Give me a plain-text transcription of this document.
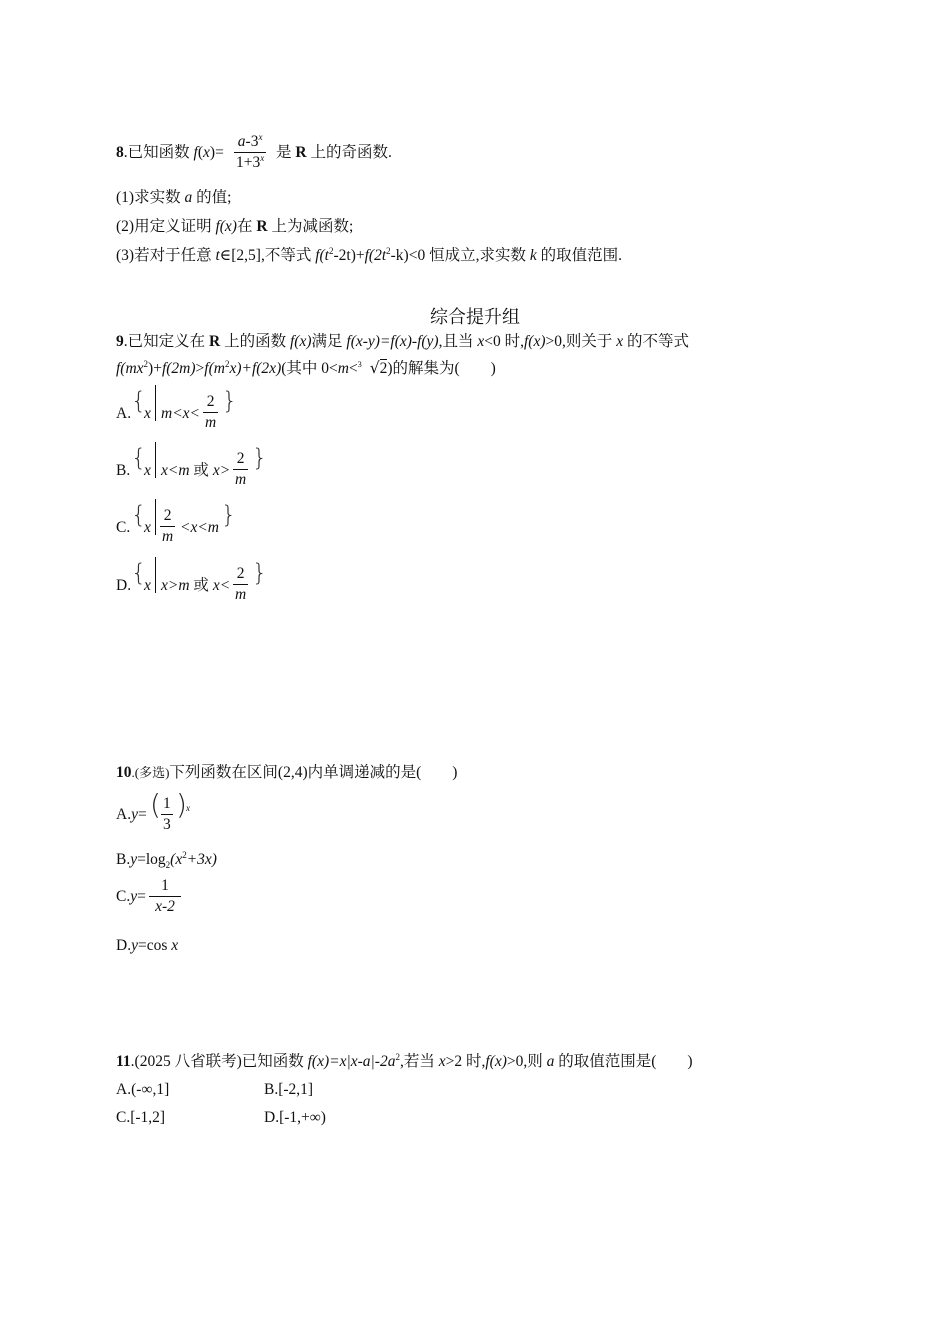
8.已知函数 f(x)=
$a-3^x$
$1+3^x$ 是 R 上的奇函数.
(1)求实数 a 的值;
(2)用定义证明 f(x)在 R 上为减函数;
(3)若对于任意 t∈[2,5],不等式 $f(t^2-2t)+f(2t^2-k)<0$ 恒成立,求实数 k 的取值范围.
综合提升组
9.已知定义在 R 上的函数 f(x)满足 f(x-y)=f(x)-f(y),且当 x<0 时,f(x)>0,则关于 x 的不等式
$f(mx^2)+f(2m)>f(m^2x)+f(2x)$(其中 0<m< 3 √2)的解集为(　　)
A. {
x m<x<
2
m
}
B. {
x x<m 或 x>
2
m
}
C. {
x
2
m
<x<m }
D. {
x x>m 或 x<
2
m
}
10.(多选)下列函数在区间(2,4)内单调递减的是(　　)
A.y= ( 1
3
) x
$B.y=\log_2(x^2+3x)$
C.y=
1
x-2
D.y=cos x
11.(2025 八省联考)已知函数 $f(x)=x|x-a|-2a^2$,若当 x>2 时,f(x)>0,则 a 的取值范围是(　　)
A.(-∞,1]	B.[-2,1]
C.[-1,2]	D.[-1,+∞)
